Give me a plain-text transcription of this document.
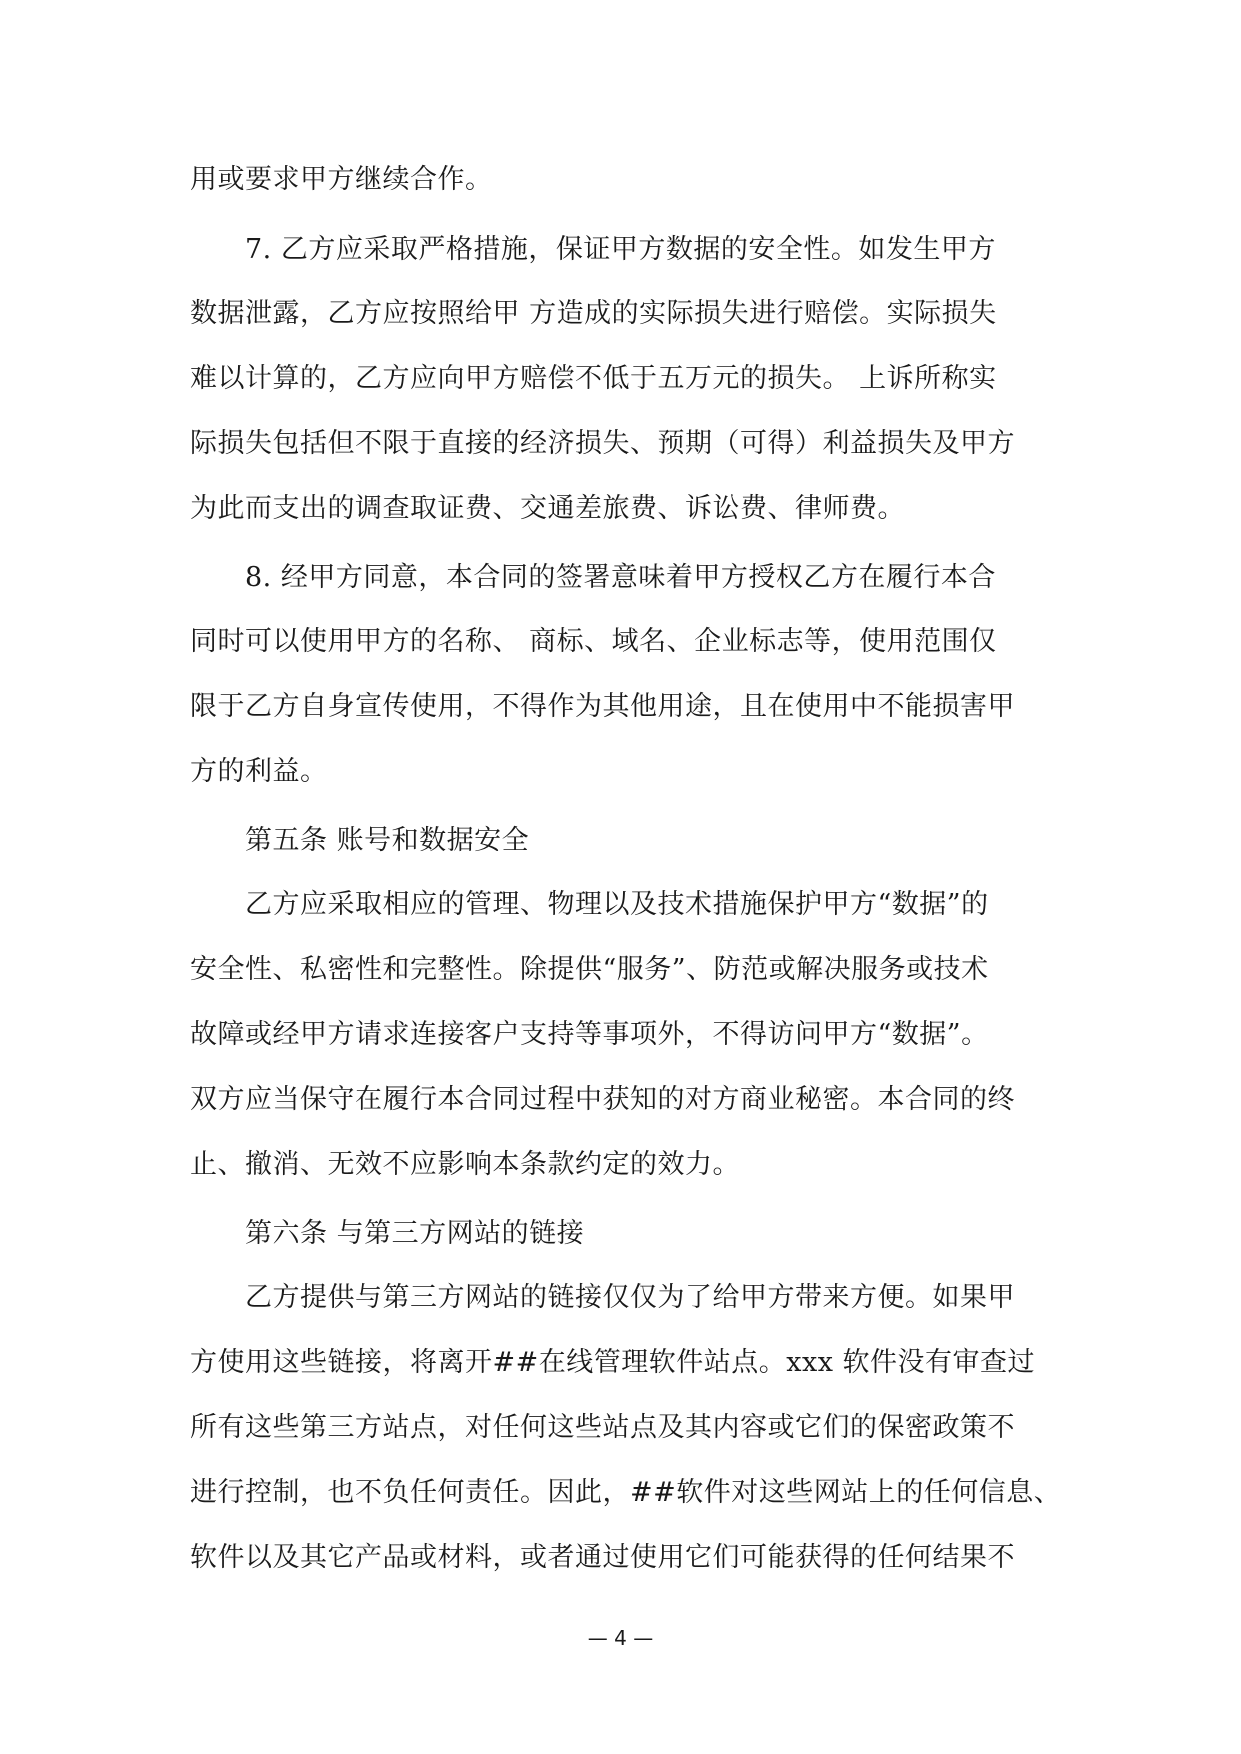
用或要求甲方继续合作。
7. 乙方应采取严格措施，保证甲方数据的安全性。如发生甲方
数据泄露，乙方应按照给甲 方造成的实际损失进行赔偿。实际损失
难以计算的，乙方应向甲方赔偿不低于五万元的损失。 上诉所称实
际损失包括但不限于直接的经济损失、预期（可得）利益损失及甲方
为此而支出的调查取证费、交通差旅费、诉讼费、律师费。
8. 经甲方同意，本合同的签署意味着甲方授权乙方在履行本合
同时可以使用甲方的名称、 商标、域名、企业标志等，使用范围仅
限于乙方自身宣传使用，不得作为其他用途，且在使用中不能损害甲
方的利益。
第五条 账号和数据安全
乙方应采取相应的管理、物理以及技术措施保护甲方“数据”的
安全性、私密性和完整性。除提供“服务”、防范或解决服务或技术
故障或经甲方请求连接客户支持等事项外，不得访问甲方“数据”。
双方应当保守在履行本合同过程中获知的对方商业秘密。本合同的终
止、撤消、无效不应影响本条款约定的效力。
第六条 与第三方网站的链接
乙方提供与第三方网站的链接仅仅为了给甲方带来方便。如果甲
方使用这些链接，将离开##在线管理软件站点。xxx 软件没有审查过
所有这些第三方站点，对任何这些站点及其内容或它们的保密政策不
进行控制，也不负任何责任。因此，##软件对这些网站上的任何信息、
软件以及其它产品或材料，或者通过使用它们可能获得的任何结果不
— 4 —
